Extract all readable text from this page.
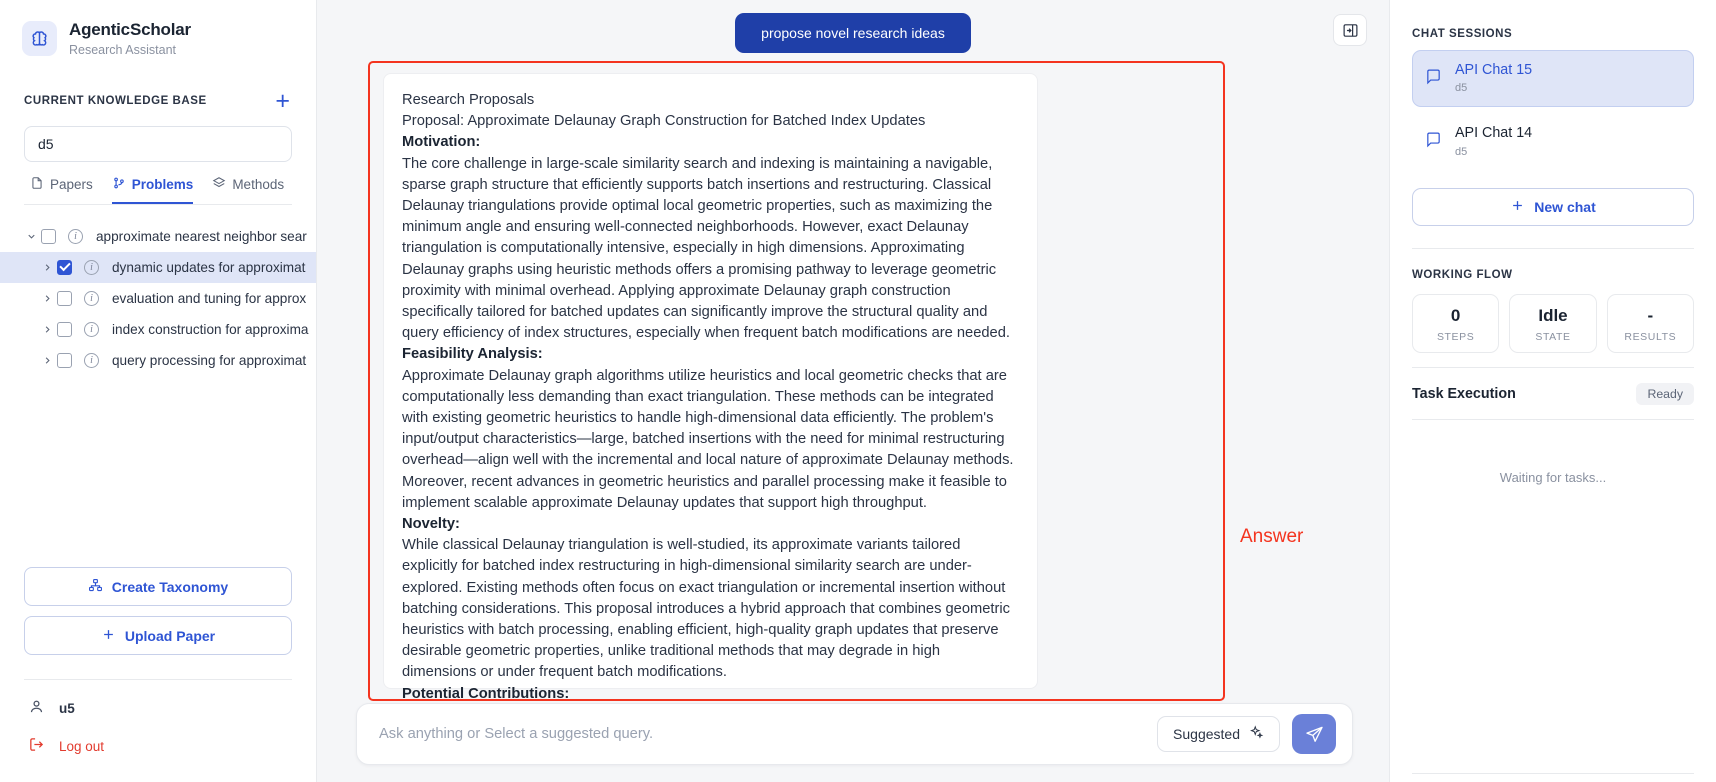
AgenticScholar
Research Assistant
CURRENT KNOWLEDGE BASE	+
d5
Papers	Problems	Methods
i	approximate nearest neighbor sear
i	dynamic updates for approximat
i	evaluation and tuning for approx
i	index construction for approxima
i	query processing for approximat
Create Taxonomy
Upload Paper
u5
Log out
propose novel research ideas

Research Proposals

Proposal: Approximate Delaunay Graph Construction for Batched Index Updates

Motivation:

The core challenge in large-scale similarity search and indexing is maintaining a navigable, sparse graph structure that efficiently supports batch insertions and restructuring. Classical Delaunay triangulations provide optimal local geometric properties, such as maximizing the minimum angle and ensuring well-connected neighborhoods. However, exact Delaunay triangulation is computationally intensive, especially in high dimensions. Approximating Delaunay graphs using heuristic methods offers a promising pathway to leverage geometric proximity with minimal overhead. Applying approximate Delaunay graph construction specifically tailored for batched updates can significantly improve the structural quality and query efficiency of index structures, especially when frequent batch modifications are needed.

Feasibility Analysis:

Approximate Delaunay graph algorithms utilize heuristics and local geometric checks that are computationally less demanding than exact triangulation. These methods can be integrated with existing geometric heuristics to handle high-dimensional data efficiently. The problem's input/output characteristics—large, batched insertions with the need for minimal restructuring overhead—align well with the incremental and local nature of approximate Delaunay methods. Moreover, recent advances in geometric heuristics and parallel processing make it feasible to implement scalable approximate Delaunay updates that support high throughput.

Novelty:

While classical Delaunay triangulation is well-studied, its approximate variants tailored explicitly for batched index restructuring in high-dimensional similarity search are under-explored. Existing methods often focus on exact triangulation or incremental insertion without batching considerations. This proposal introduces a hybrid approach that combines geometric heuristics with batch processing, enabling efficient, high-quality graph updates that preserve desirable geometric properties, unlike traditional methods that may degrade in high dimensions or under frequent batch modifications.

Potential Contributions:

Ask anything or Select a suggested query.
Suggested
Answer
CHAT SESSIONS
API Chat 15
d5
API Chat 14
d5
New chat
WORKING FLOW
0
STEPS
Idle
STATE
-
RESULTS
Task Execution	Ready
Waiting for tasks...
